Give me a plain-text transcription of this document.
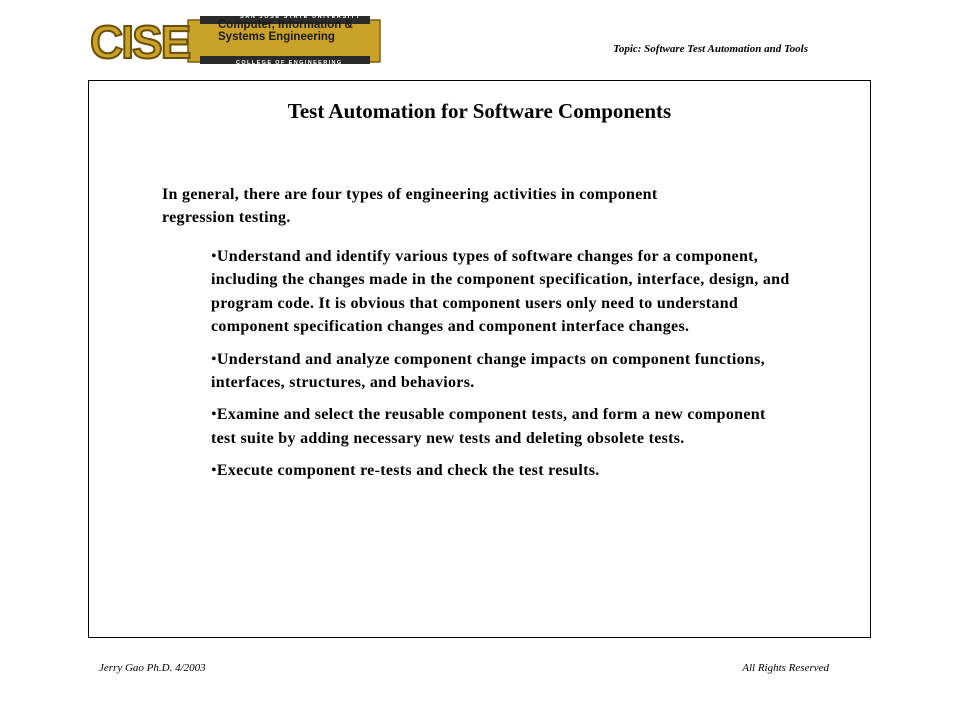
CISE	SAN JOSE STATE UNIVERSITY
Computer, Information &
Systems Engineering
COLLEGE OF ENGINEERING
Topic: Software Test Automation and Tools
Test Automation for Software Components
In general, there are four types of engineering activities in component regression testing.
•Understand and identify various types of software changes for a component, including the changes made in the component specification, interface, design, and program code. It is obvious that component users only need to understand component specification changes and component interface changes.
•Understand and analyze component change impacts on component functions, interfaces, structures, and behaviors.
•Examine and select the reusable component tests, and form a new component test suite by adding necessary new tests and deleting obsolete tests.
•Execute component re-tests and check the test results.
Jerry Gao Ph.D. 4/2003	All Rights Reserved
